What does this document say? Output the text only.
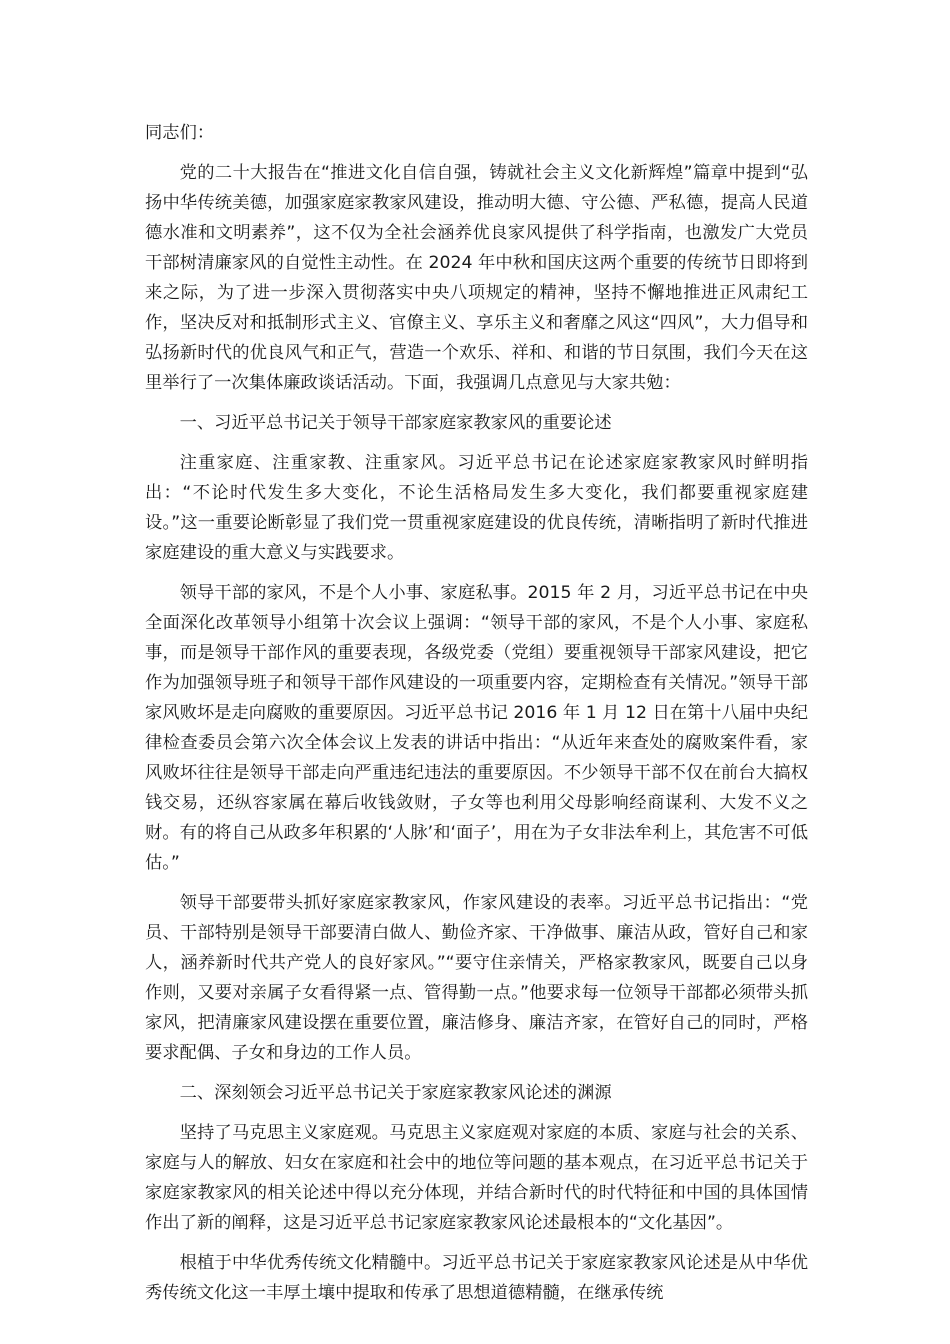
同志们：

党的二十大报告在“推进文化自信自强，铸就社会主义文化新辉煌”篇章中提到“弘扬中华传统美德，加强家庭家教家风建设，推动明大德、守公德、严私德，提高人民道德水准和文明素养”，这不仅为全社会涵养优良家风提供了科学指南，也激发广大党员干部树清廉家风的自觉性主动性。在 2024 年中秋和国庆这两个重要的传统节日即将到来之际，为了进一步深入贯彻落实中央八项规定的精神，坚持不懈地推进正风肃纪工作，坚决反对和抵制形式主义、官僚主义、享乐主义和奢靡之风这“四风”，大力倡导和弘扬新时代的优良风气和正气，营造一个欢乐、祥和、和谐的节日氛围，我们今天在这里举行了一次集体廉政谈话活动。下面，我强调几点意见与大家共勉：

一、习近平总书记关于领导干部家庭家教家风的重要论述

注重家庭、注重家教、注重家风。习近平总书记在论述家庭家教家风时鲜明指出：“不论时代发生多大变化，不论生活格局发生多大变化，我们都要重视家庭建设。”这一重要论断彰显了我们党一贯重视家庭建设的优良传统，清晰指明了新时代推进家庭建设的重大意义与实践要求。

领导干部的家风，不是个人小事、家庭私事。2015 年 2 月，习近平总书记在中央全面深化改革领导小组第十次会议上强调：“领导干部的家风，不是个人小事、家庭私事，而是领导干部作风的重要表现，各级党委（党组）要重视领导干部家风建设，把它作为加强领导班子和领导干部作风建设的一项重要内容，定期检查有关情况。”领导干部家风败坏是走向腐败的重要原因。习近平总书记 2016 年 1 月 12 日在第十八届中央纪律检查委员会第六次全体会议上发表的讲话中指出：“从近年来查处的腐败案件看，家风败坏往往是领导干部走向严重违纪违法的重要原因。不少领导干部不仅在前台大搞权钱交易，还纵容家属在幕后收钱敛财，子女等也利用父母影响经商谋利、大发不义之财。有的将自己从政多年积累的‘人脉’和‘面子’，用在为子女非法牟利上，其危害不可低估。”

领导干部要带头抓好家庭家教家风，作家风建设的表率。习近平总书记指出：“党员、干部特别是领导干部要清白做人、勤俭齐家、干净做事、廉洁从政，管好自己和家人，涵养新时代共产党人的良好家风。”“要守住亲情关，严格家教家风，既要自己以身作则，又要对亲属子女看得紧一点、管得勤一点。”他要求每一位领导干部都必须带头抓家风，把清廉家风建设摆在重要位置，廉洁修身、廉洁齐家，在管好自己的同时，严格要求配偶、子女和身边的工作人员。

二、深刻领会习近平总书记关于家庭家教家风论述的渊源

坚持了马克思主义家庭观。马克思主义家庭观对家庭的本质、家庭与社会的关系、家庭与人的解放、妇女在家庭和社会中的地位等问题的基本观点，在习近平总书记关于家庭家教家风的相关论述中得以充分体现，并结合新时代的时代特征和中国的具体国情作出了新的阐释，这是习近平总书记家庭家教家风论述最根本的“文化基因”。

根植于中华优秀传统文化精髓中。习近平总书记关于家庭家教家风论述是从中华优秀传统文化这一丰厚土壤中提取和传承了思想道德精髓，在继承传统
